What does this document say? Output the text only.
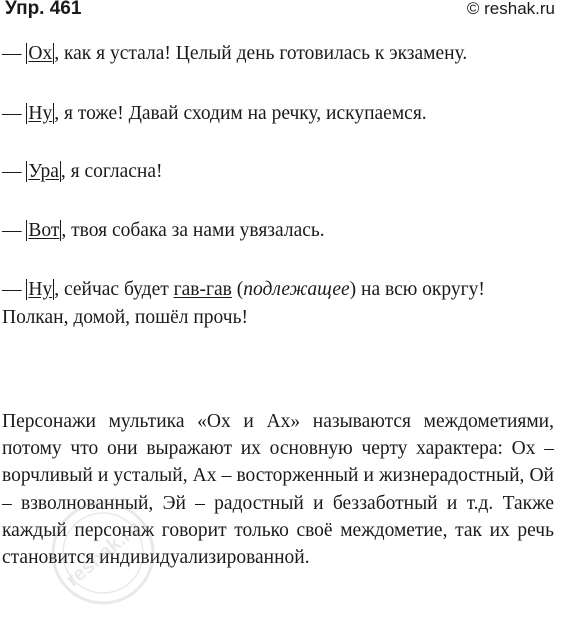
Упр. 461	© reshak.ru
— Ох , как я устала! Целый день готовилась к экзамену.
— Ну , я тоже! Давай сходим на речку, искупаемся.
— Ура , я согласна!
— Вот , твоя собака за нами увязалась.
— Ну , сейчас будет гав-гав (подлежащее) на всю округу!
Полкан, домой, пошёл прочь!

Персонажи мультика «Ох и Ах» называются междометиями, потому что они выражают их основную черту характера: Ох – ворчливый и усталый, Ах – восторженный и жизнерадостный, Ой – взволнованный, Эй – радостный и беззаботный и т.д. Также каждый персонаж говорит только своё междометие, так их речь становится индивидуализированной.

reshak.ru
